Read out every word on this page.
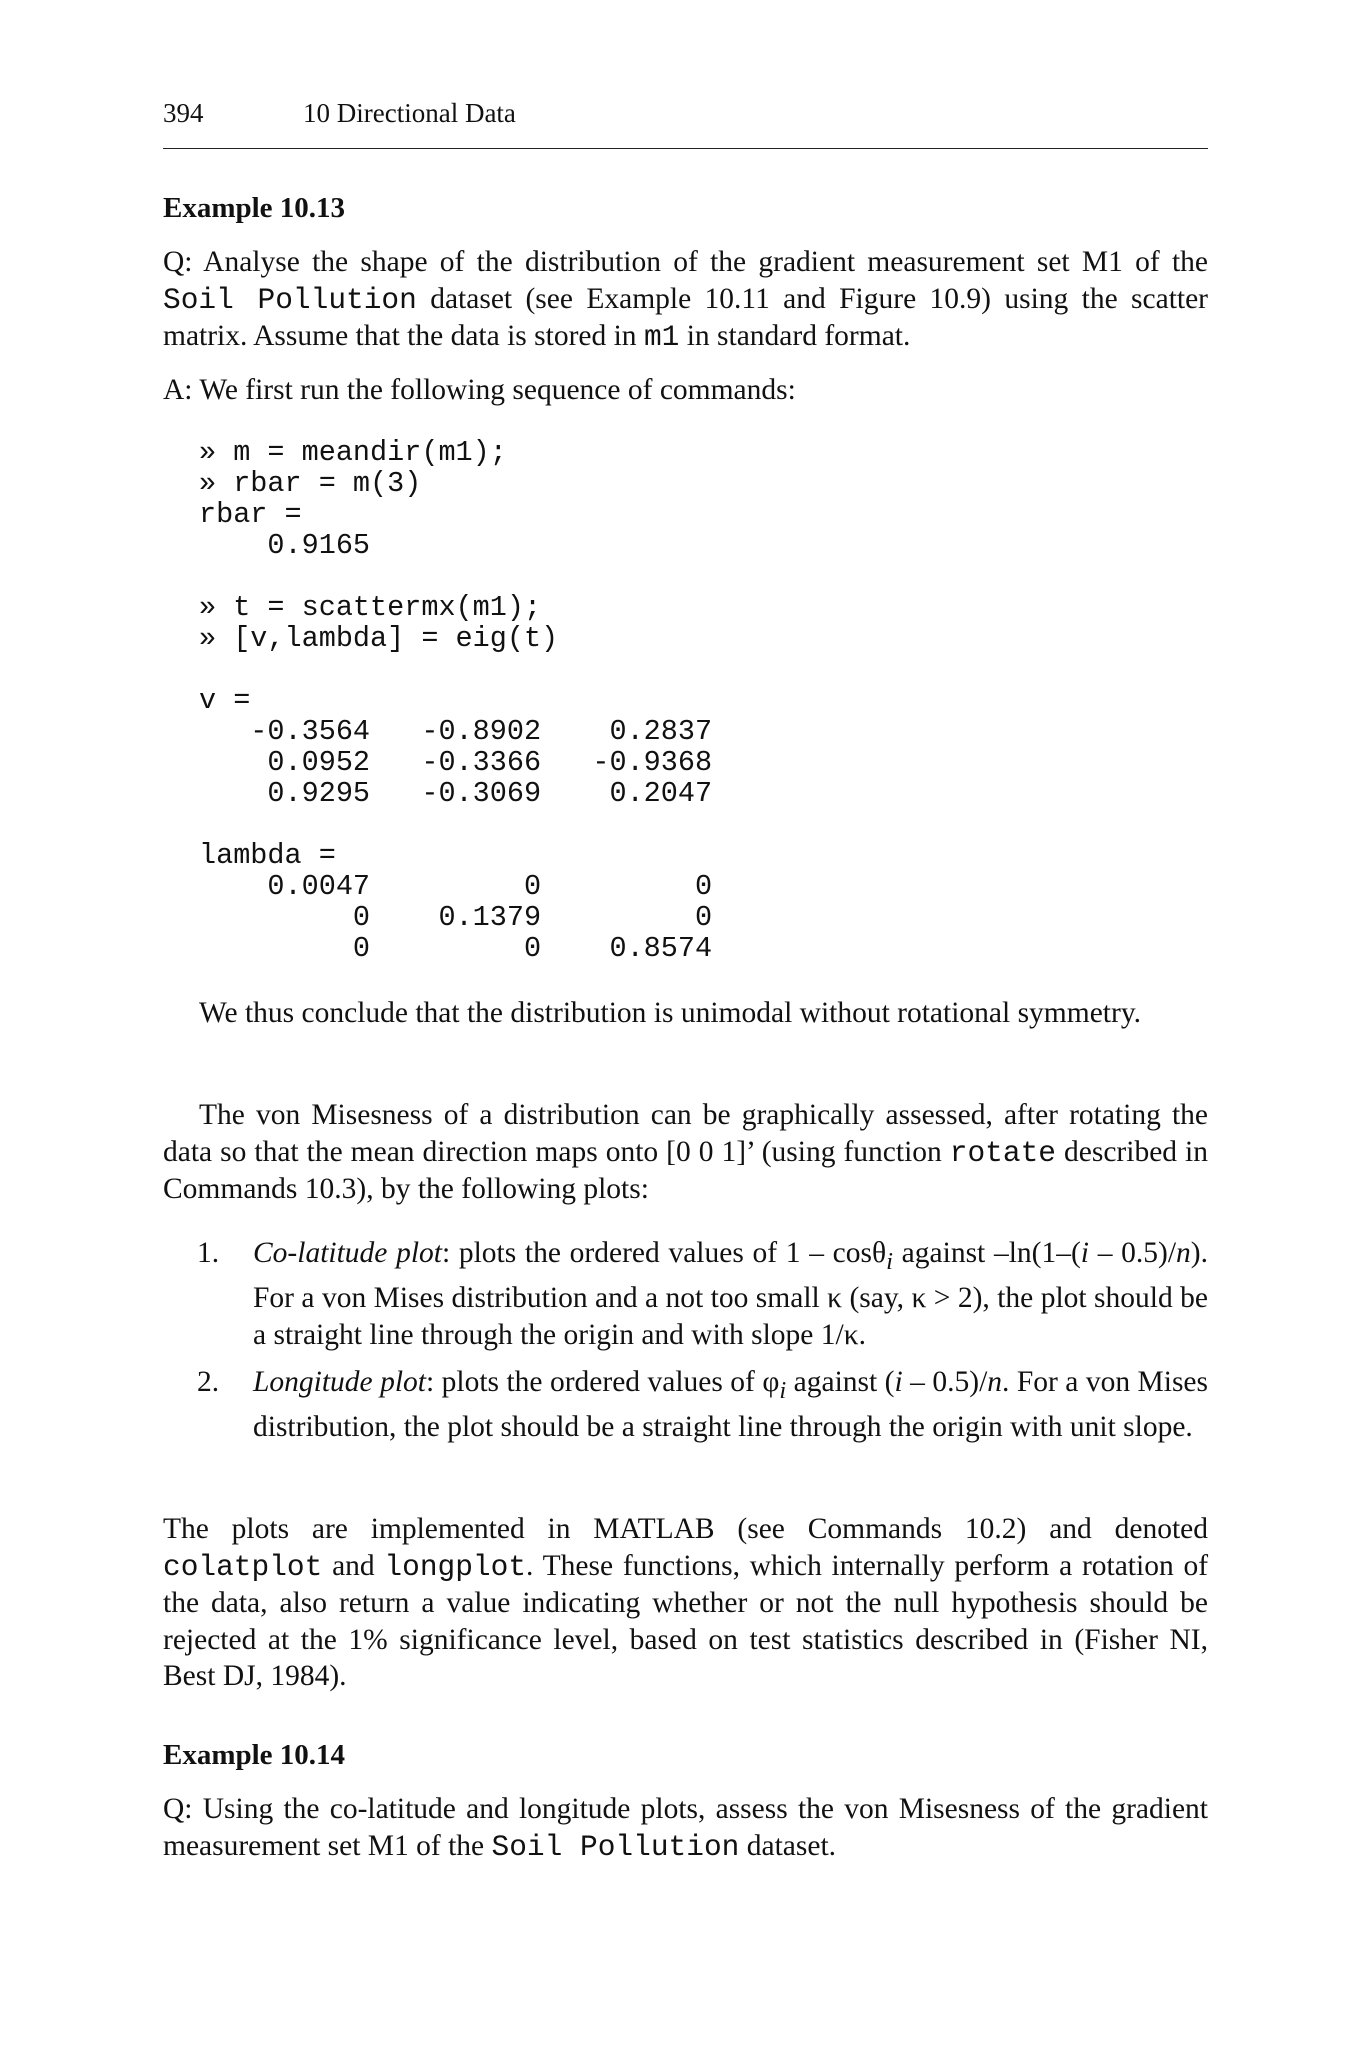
394	10 Directional Data
Example 10.13
Q: Analyse the shape of the distribution of the gradient measurement set M1 of the Soil Pollution dataset (see Example 10.11 and Figure 10.9) using the scatter matrix. Assume that the data is stored in m1 in standard format.
A: We first run the following sequence of commands:
» m = meandir(m1);
» rbar = m(3)
rbar =
0.9165

» t = scattermx(m1);
» [v,lambda] = eig(t)

v =
-0.3564   -0.8902    0.2837
0.0952   -0.3366   -0.9368
0.9295   -0.3069    0.2047

lambda =
0.0047         0         0
0    0.1379         0
0         0    0.8574
We thus conclude that the distribution is unimodal without rotational symmetry.
The von Misesness of a distribution can be graphically assessed, after rotating the data so that the mean direction maps onto [0 0 1]’ (using function rotate described in Commands 10.3), by the following plots:
1. Co-latitude plot: plots the ordered values of 1 – cosθ$_i$ against –ln(1–(i – 0.5)/n). For a von Mises distribution and a not too small κ (say, κ > 2), the plot should be a straight line through the origin and with slope 1/κ.
2. Longitude plot: plots the ordered values of $\varphi_i$ against (i – 0.5)/n. For a von Mises distribution, the plot should be a straight line through the origin with unit slope.
The plots are implemented in MATLAB (see Commands 10.2) and denoted colatplot and longplot. These functions, which internally perform a rotation of the data, also return a value indicating whether or not the null hypothesis should be rejected at the 1% significance level, based on test statistics described in (Fisher NI, Best DJ, 1984).
Example 10.14
Q: Using the co-latitude and longitude plots, assess the von Misesness of the gradient measurement set M1 of the Soil Pollution dataset.
